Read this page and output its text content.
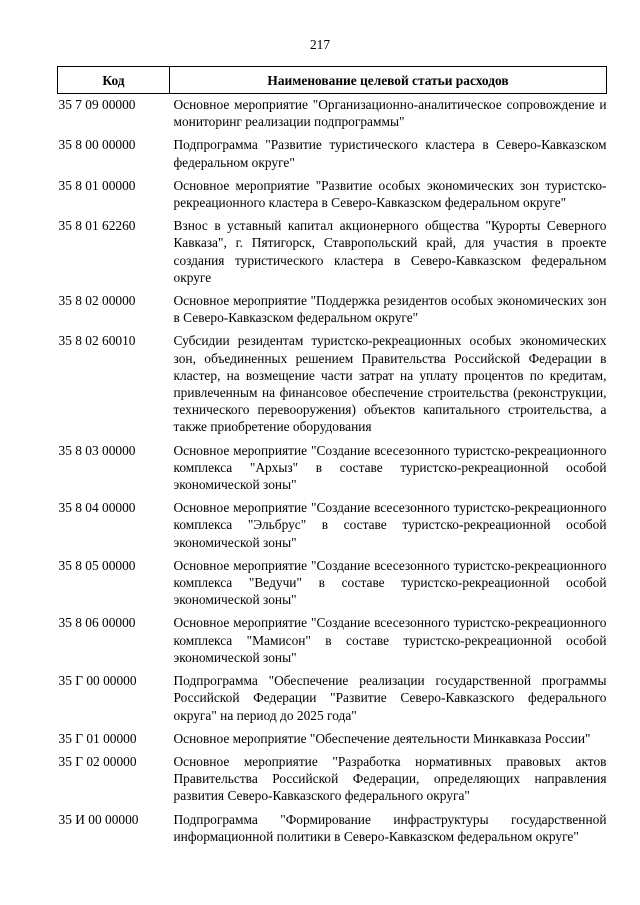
217
Код	Наименование целевой статьи расходов
35 7 09 00000	Основное мероприятие "Организационно-аналитическое сопровождение и мониторинг реализации подпрограммы"
35 8 00 00000	Подпрограмма "Развитие туристического кластера в Северо-Кавказском федеральном округе"
35 8 01 00000	Основное мероприятие "Развитие особых экономических зон туристско-рекреационного кластера в Северо-Кавказском федеральном округе"
35 8 01 62260	Взнос в уставный капитал акционерного общества "Курорты Северного Кавказа", г. Пятигорск, Ставропольский край, для участия в проекте создания туристического кластера в Северо-Кавказском федеральном округе
35 8 02 00000	Основное мероприятие "Поддержка резидентов особых экономических зон в Северо-Кавказском федеральном округе"
35 8 02 60010	Субсидии резидентам туристско-рекреационных особых экономических зон, объединенных решением Правительства Российской Федерации в кластер, на возмещение части затрат на уплату процентов по кредитам, привлеченным на финансовое обеспечение строительства (реконструкции, технического перевооружения) объектов капитального строительства, а также приобретение оборудования
35 8 03 00000	Основное мероприятие "Создание всесезонного туристско-рекреационного комплекса "Архыз" в составе туристско-рекреационной особой экономической зоны"
35 8 04 00000	Основное мероприятие "Создание всесезонного туристско-рекреационного комплекса "Эльбрус" в составе туристско-рекреационной особой экономической зоны"
35 8 05 00000	Основное мероприятие "Создание всесезонного туристско-рекреационного комплекса "Ведучи" в составе туристско-рекреационной особой экономической зоны"
35 8 06 00000	Основное мероприятие "Создание всесезонного туристско-рекреационного комплекса "Мамисон" в составе туристско-рекреационной особой экономической зоны"
35 Г 00 00000	Подпрограмма "Обеспечение реализации государственной программы Российской Федерации "Развитие Северо-Кавказского федерального округа" на период до 2025 года"
35 Г 01 00000	Основное мероприятие "Обеспечение деятельности Минкавказа России"
35 Г 02 00000	Основное мероприятие "Разработка нормативных правовых актов Правительства Российской Федерации, определяющих направления развития Северо-Кавказского федерального округа"
35 И 00 00000	Подпрограмма "Формирование инфраструктуры государственной информационной политики в Северо-Кавказском федеральном округе"
